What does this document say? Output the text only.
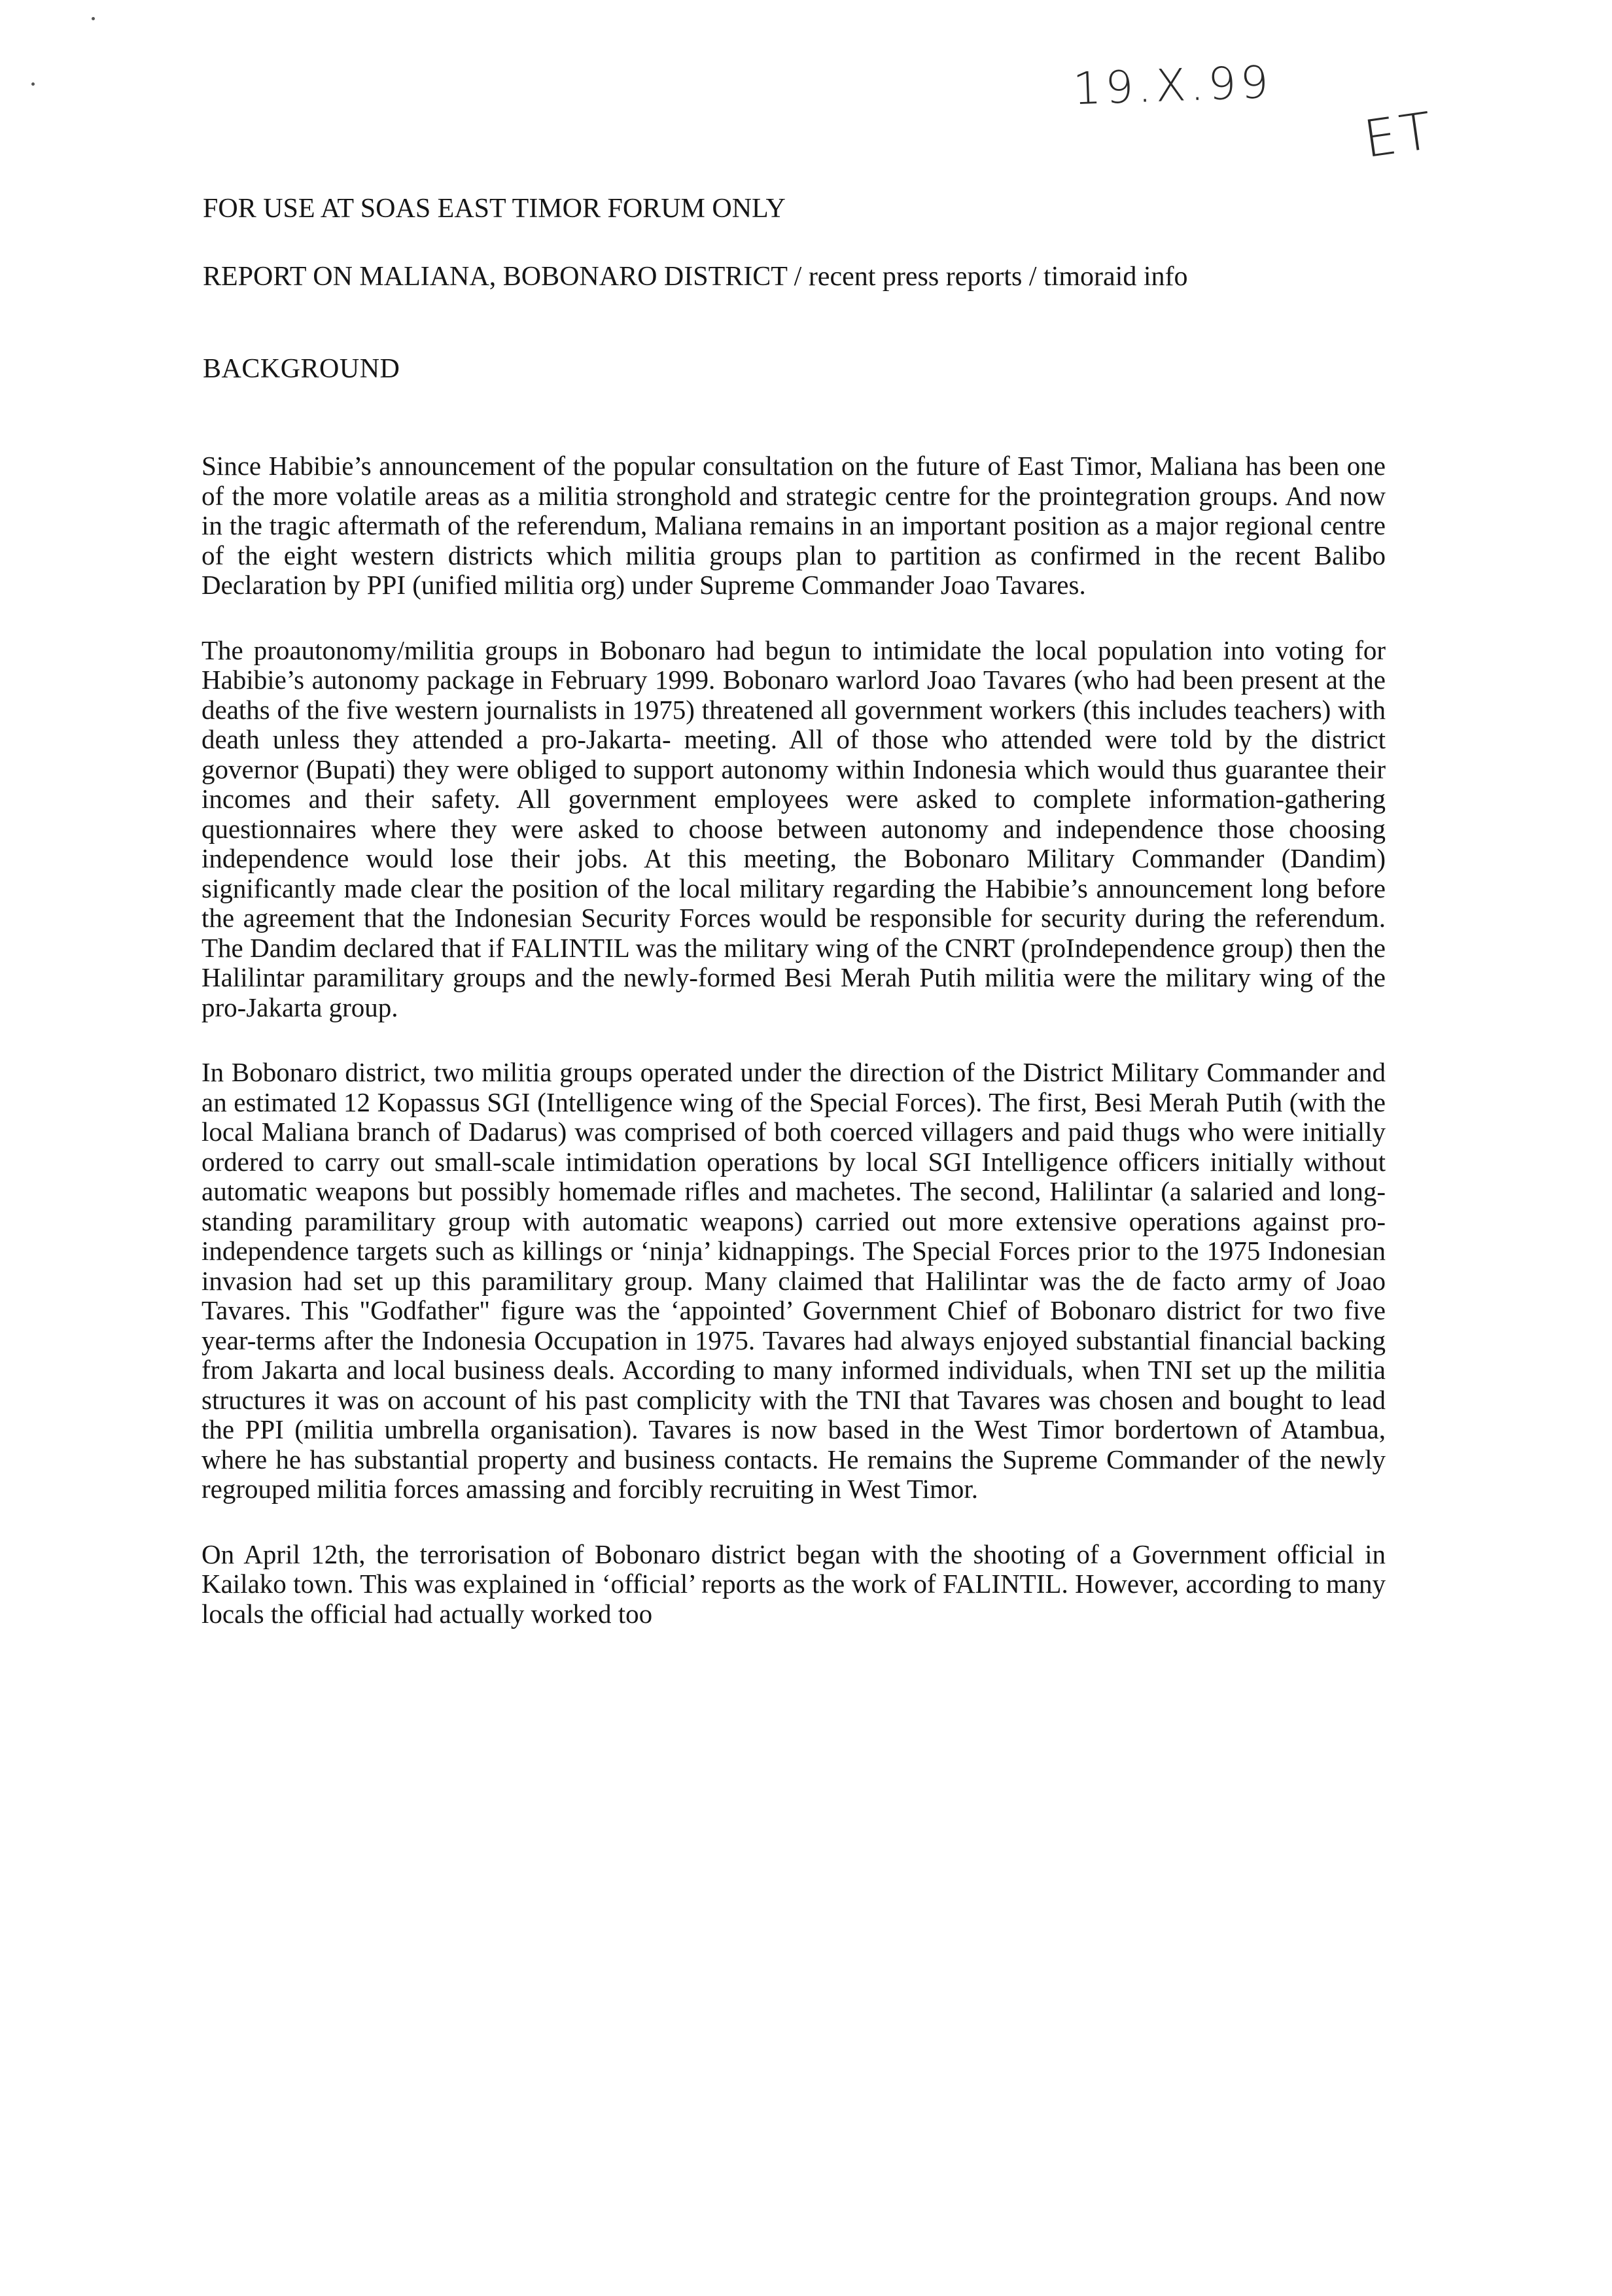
19.X.99
ET
FOR USE AT SOAS EAST TIMOR FORUM ONLY
REPORT ON MALIANA, BOBONARO DISTRICT / recent press reports / timoraid info
BACKGROUND

Since Habibie’s announcement of the popular consultation on the future of East Timor, Maliana has been one of the more volatile areas as a militia stronghold and strategic centre for the prointegration groups. And now in the tragic aftermath of the referendum, Maliana remains in an important position as a major regional centre of the eight western districts which militia groups plan to partition as confirmed in the recent Balibo Declaration by PPI (unified militia org) under Supreme Commander Joao Tavares.

The proautonomy/militia groups in Bobonaro had begun to intimidate the local population into voting for Habibie’s autonomy package in February 1999. Bobonaro warlord Joao Tavares (who had been present at the deaths of the five western journalists in 1975) threatened all government workers (this includes teachers) with death unless they attended a pro-Jakarta- meeting. All of those who attended were told by the district governor (Bupati) they were obliged to support autonomy within Indonesia which would thus guarantee their incomes and their safety. All government employees were asked to complete information-gathering questionnaires where they were asked to choose between autonomy and independence those choosing independence would lose their jobs. At this meeting, the Bobonaro Military Commander (Dandim) significantly made clear the position of the local military regarding the Habibie’s announcement long before the agreement that the Indonesian Security Forces would be responsible for security during the referendum. The Dandim declared that if FALINTIL was the military wing of the CNRT (proIndependence group) then the Halilintar paramilitary groups and the newly-formed Besi Merah Putih militia were the military wing of the pro-Jakarta group.

In Bobonaro district, two militia groups operated under the direction of the District Military Commander and an estimated 12 Kopassus SGI (Intelligence wing of the Special Forces). The first, Besi Merah Putih (with the local Maliana branch of Dadarus) was comprised of both coerced villagers and paid thugs who were initially ordered to carry out small-scale intimidation operations by local SGI Intelligence officers initially without automatic weapons but possibly homemade rifles and machetes. The second, Halilintar (a salaried and long-standing paramilitary group with automatic weapons) carried out more extensive operations against pro-independence targets such as killings or ‘ninja’ kidnappings. The Special Forces prior to the 1975 Indonesian invasion had set up this paramilitary group. Many claimed that Halilintar was the de facto army of Joao Tavares. This "Godfather" figure was the ‘appointed’ Government Chief of Bobonaro district for two five year-terms after the Indonesia Occupation in 1975. Tavares had always enjoyed substantial financial backing from Jakarta and local business deals. According to many informed individuals, when TNI set up the militia structures it was on account of his past complicity with the TNI that Tavares was chosen and bought to lead the PPI (militia umbrella organisation). Tavares is now based in the West Timor bordertown of Atambua, where he has substantial property and business contacts. He remains the Supreme Commander of the newly regrouped militia forces amassing and forcibly recruiting in West Timor.

On April 12th, the terrorisation of Bobonaro district began with the shooting of a Government official in Kailako town. This was explained in ‘official’ reports as the work of FALINTIL. However, according to many locals the official had actually worked too
